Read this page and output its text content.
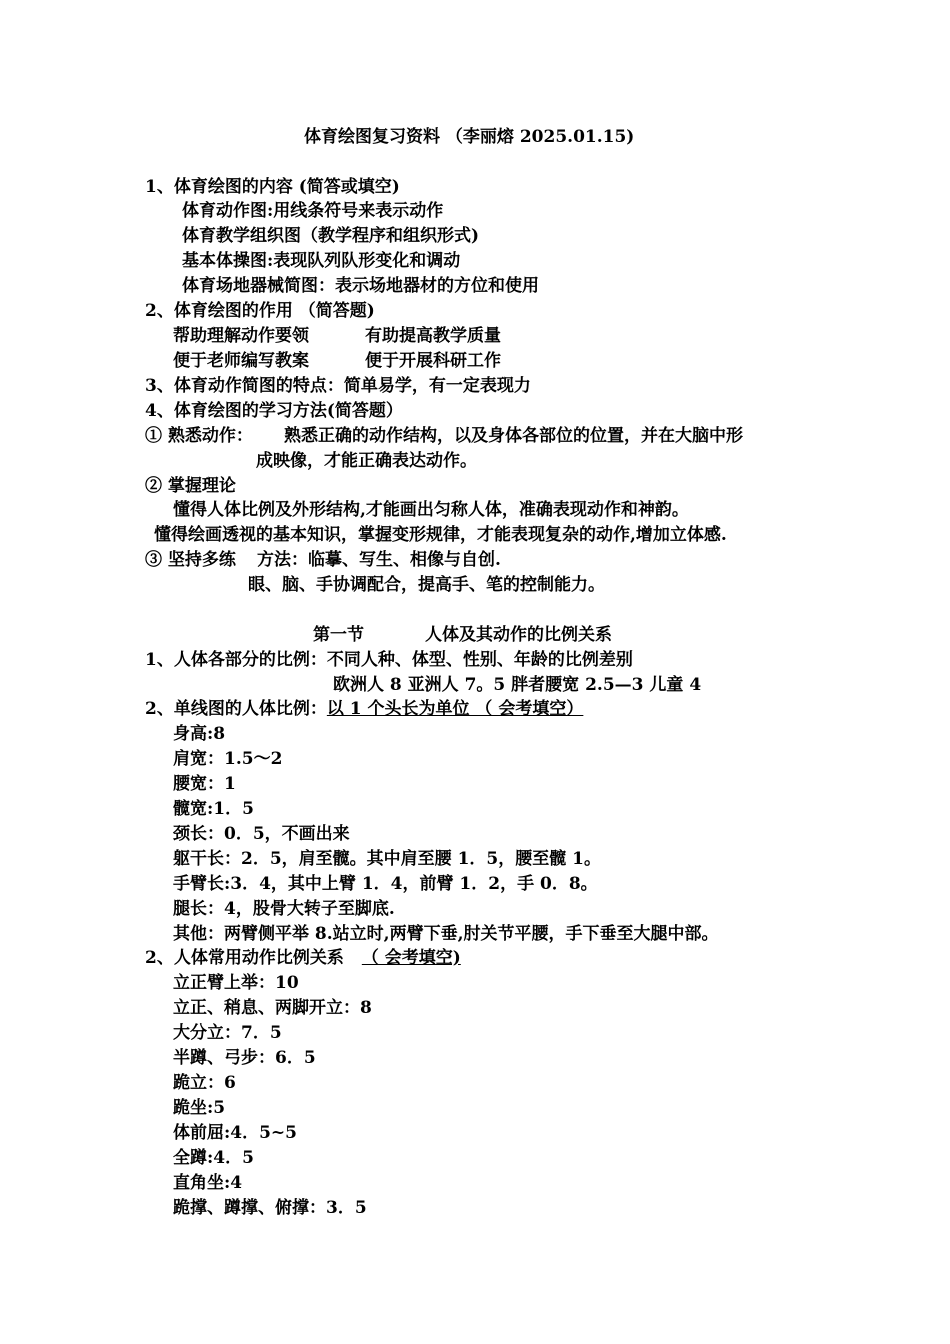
体育绘图复习资料 （李丽熔 2025.01.15)
1、体育绘图的内容 (简答或填空)
体育动作图:用线条符号来表示动作
体育教学组织图（教学程序和组织形式)
基本体操图:表现队列队形变化和调动
体育场地器械简图：表示场地器材的方位和使用
2、体育绘图的作用 （简答题)
帮助理解动作要领	有助提高教学质量
便于老师编写教案	便于开展科研工作
3、体育动作简图的特点：简单易学，有一定表现力
4、体育绘图的学习方法(简答题）
① 熟悉动作： 熟悉正确的动作结构，以及身体各部位的位置，并在大脑中形
成映像，才能正确表达动作。
② 掌握理论
懂得人体比例及外形结构,才能画出匀称人体，准确表现动作和神韵。
懂得绘画透视的基本知识，掌握变形规律，才能表现复杂的动作,增加立体感.
③ 坚持多练 方法：临摹、写生、相像与自创.
眼、脑、手协调配合，提高手、笔的控制能力。
第一节	人体及其动作的比例关系
1、人体各部分的比例：不同人种、体型、性别、年龄的比例差别
欧洲人 8 亚洲人 7。5 胖者腰宽 2.5—3 儿童 4
2、单线图的人体比例：以 1 个头长为单位 （ 会考填空）
身高:8
肩宽：1.5～2
腰宽：1
髋宽:1．5
颈长：0．5，不画出来
躯干长：2．5，肩至髋。其中肩至腰 1．5，腰至髋 1。
手臂长:3．4，其中上臂 1．4，前臂 1．2，手 0．8。
腿长：4，股骨大转子至脚底.
其他：两臂侧平举 8.站立时,两臂下垂,肘关节平腰，手下垂至大腿中部。
2、人体常用动作比例关系 （ 会考填空)
立正臂上举：10
立正、稍息、两脚开立：8
大分立：7．5
半蹲、弓步：6．5
跪立：6
跪坐:5
体前屈:4．5~5
全蹲:4．5
直角坐:4
跪撑、蹲撑、俯撑：3．5
